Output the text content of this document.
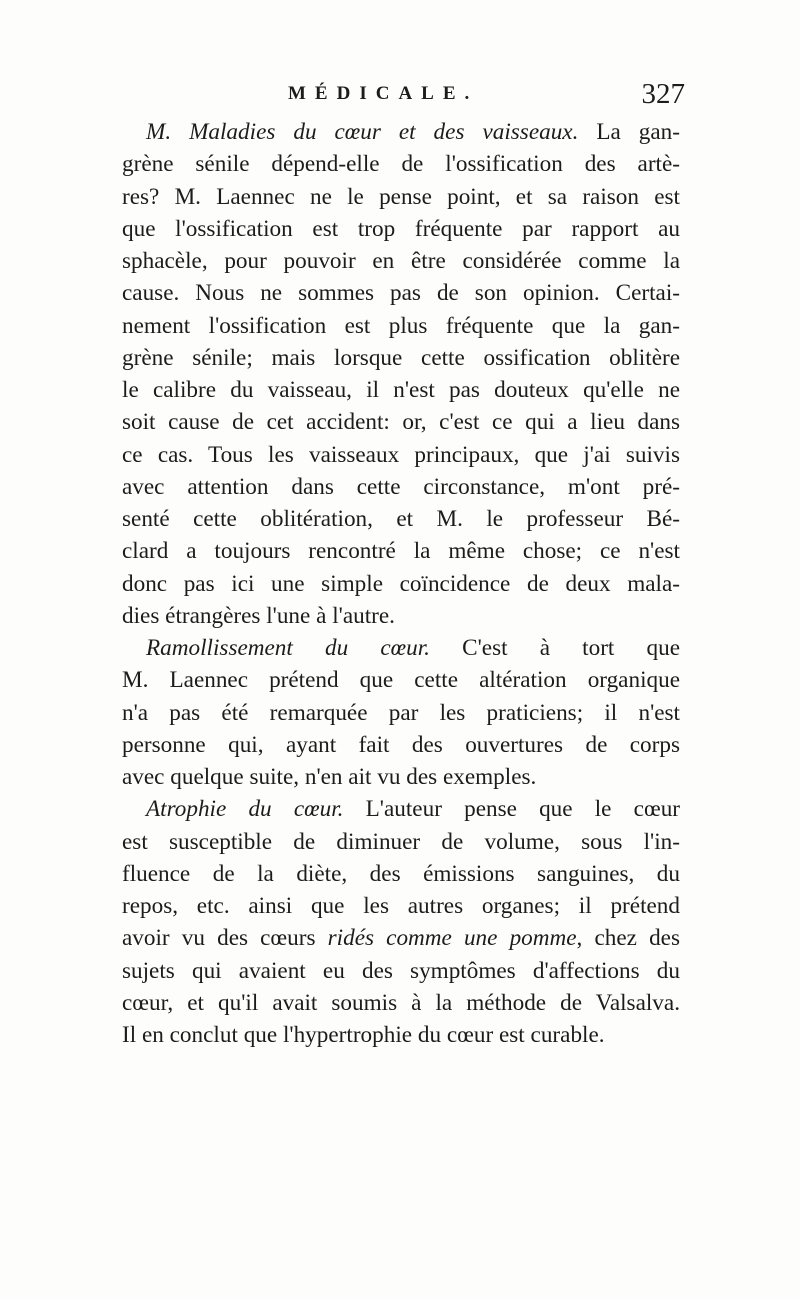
MÉDICALE.	327
M. Maladies du cœur et des vaisseaux. La gan-
grène sénile dépend-elle de l'ossification des artè-
res? M. Laennec ne le pense point, et sa raison est
que l'ossification est trop fréquente par rapport au
sphacèle, pour pouvoir en être considérée comme la
cause. Nous ne sommes pas de son opinion. Certai-
nement l'ossification est plus fréquente que la gan-
grène sénile; mais lorsque cette ossification oblitère
le calibre du vaisseau, il n'est pas douteux qu'elle ne
soit cause de cet accident: or, c'est ce qui a lieu dans
ce cas. Tous les vaisseaux principaux, que j'ai suivis
avec attention dans cette circonstance, m'ont pré-
senté cette oblitération, et M. le professeur Bé-
clard a toujours rencontré la même chose; ce n'est
donc pas ici une simple coïncidence de deux mala-
dies étrangères l'une à l'autre.
Ramollissement du cœur. C'est à tort que
M. Laennec prétend que cette altération organique
n'a pas été remarquée par les praticiens; il n'est
personne qui, ayant fait des ouvertures de corps
avec quelque suite, n'en ait vu des exemples.
Atrophie du cœur. L'auteur pense que le cœur
est susceptible de diminuer de volume, sous l'in-
fluence de la diète, des émissions sanguines, du
repos, etc. ainsi que les autres organes; il prétend
avoir vu des cœurs ridés comme une pomme, chez des
sujets qui avaient eu des symptômes d'affections du
cœur, et qu'il avait soumis à la méthode de Valsalva.
Il en conclut que l'hypertrophie du cœur est curable.
